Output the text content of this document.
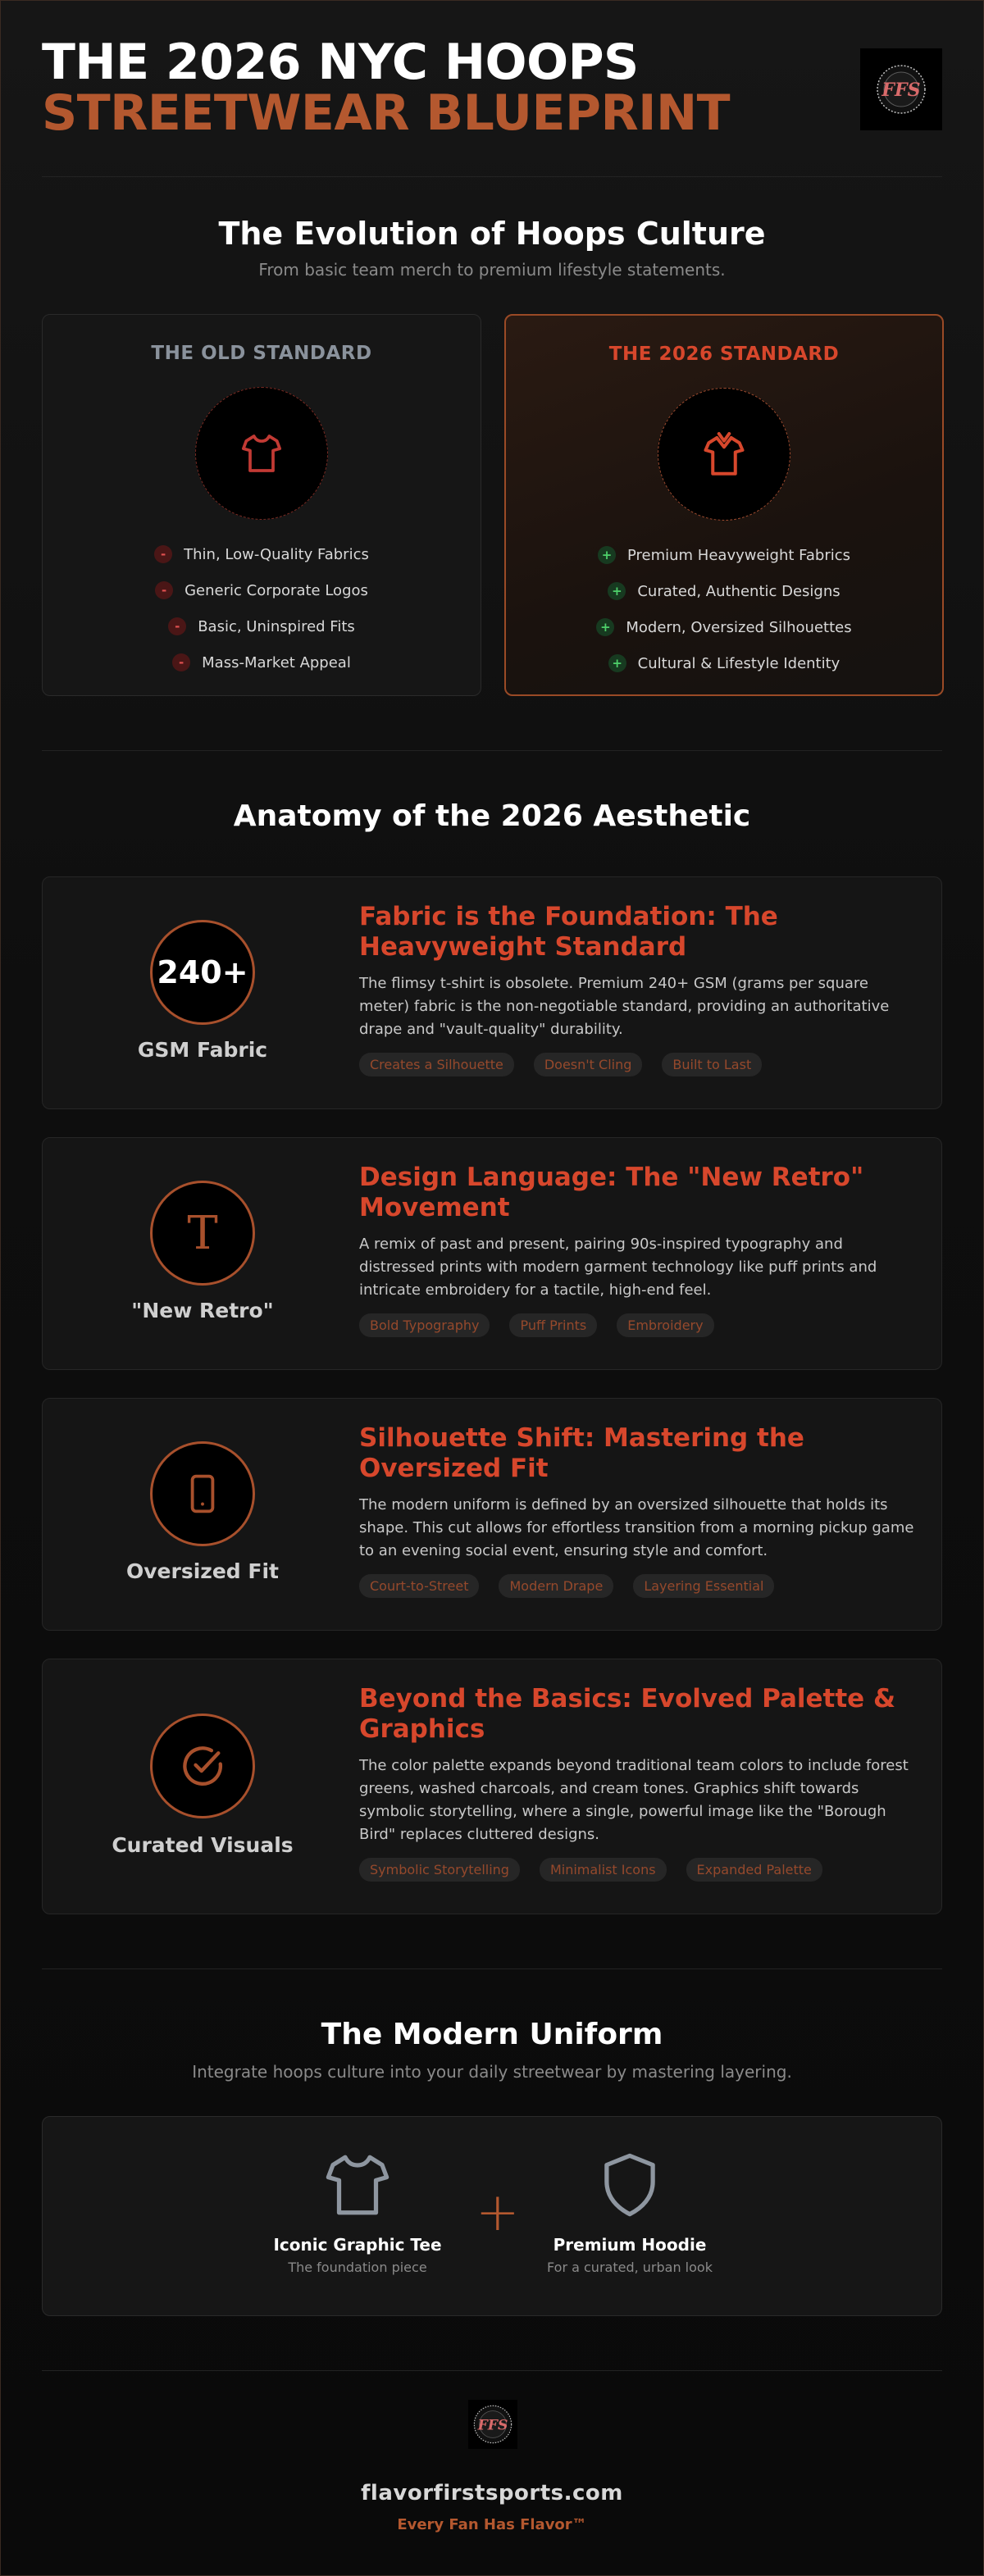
THE 2026 NYC HOOPS
STREETWEAR BLUEPRINT	FFS
The Evolution of Hoops Culture
From basic team merch to premium lifestyle statements.
THE OLD STANDARD
-	Thin, Low-Quality Fabrics
-	Generic Corporate Logos
-	Basic, Uninspired Fits
-	Mass-Market Appeal
THE 2026 STANDARD
+ Premium Heavyweight Fabrics
+ Curated, Authentic Designs
+ Modern, Oversized Silhouettes
+ Cultural & Lifestyle Identity
Anatomy of the 2026 Aesthetic
240+
GSM Fabric
Fabric is the Foundation: The Heavyweight Standard
The flimsy t-shirt is obsolete. Premium 240+ GSM (grams per square meter) fabric is the non-negotiable standard, providing an authoritative drape and "vault-quality" durability.
Creates a Silhouette	Doesn't Cling	Built to Last
T
"New Retro"
Design Language: The "New Retro" Movement
A remix of past and present, pairing 90s-inspired typography and distressed prints with modern garment technology like puff prints and intricate embroidery for a tactile, high-end feel.
Bold Typography	Puff Prints	Embroidery
Oversized Fit
Silhouette Shift: Mastering the Oversized Fit
The modern uniform is defined by an oversized silhouette that holds its shape. This cut allows for effortless transition from a morning pickup game to an evening social event, ensuring style and comfort.
Court-to-Street	Modern Drape	Layering Essential
Curated Visuals
Beyond the Basics: Evolved Palette & Graphics
The color palette expands beyond traditional team colors to include forest greens, washed charcoals, and cream tones. Graphics shift towards symbolic storytelling, where a single, powerful image like the "Borough Bird" replaces cluttered designs.
Symbolic Storytelling	Minimalist Icons	Expanded Palette
The Modern Uniform
Integrate hoops culture into your daily streetwear by mastering layering.
Iconic Graphic Tee
The foundation piece
+
Premium Hoodie
For a curated, urban look
FFS
flavorfirstsports.com
Every Fan Has Flavor™
